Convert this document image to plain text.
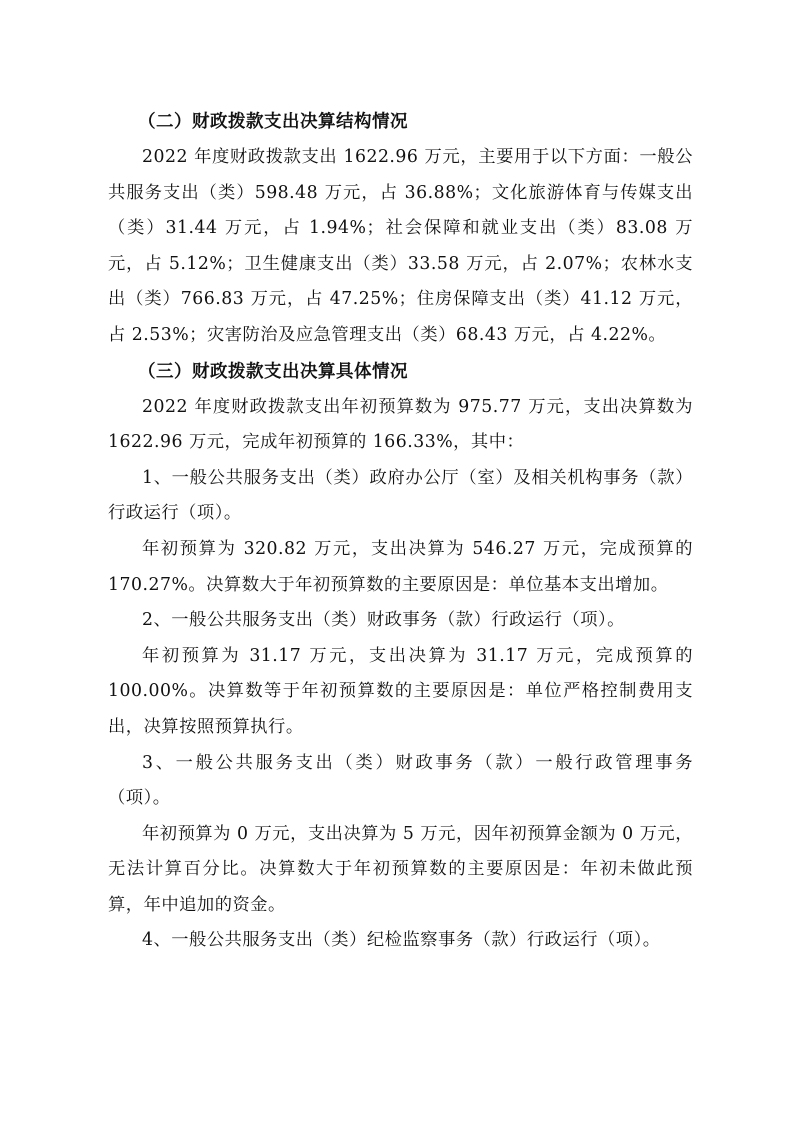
（二）财政拨款支出决算结构情况

2022 年度财政拨款支出 1622.96 万元，主要用于以下方面：一般公共服务支出（类）598.48 万元，占 36.88%；文化旅游体育与传媒支出（类）31.44 万元，占 1.94%；社会保障和就业支出（类）83.08 万元，占 5.12%；卫生健康支出（类）33.58 万元，占 2.07%；农林水支出（类）766.83 万元，占 47.25%；住房保障支出（类）41.12 万元，占 2.53%；灾害防治及应急管理支出（类）68.43 万元，占 4.22%。

（三）财政拨款支出决算具体情况

2022 年度财政拨款支出年初预算数为 975.77 万元，支出决算数为 1622.96 万元，完成年初预算的 166.33%，其中：

1、一般公共服务支出（类）政府办公厅（室）及相关机构事务（款）行政运行（项）。

年初预算为 320.82 万元，支出决算为 546.27 万元，完成预算的 170.27%。决算数大于年初预算数的主要原因是：单位基本支出增加。

2、一般公共服务支出（类）财政事务（款）行政运行（项）。

年初预算为 31.17 万元，支出决算为 31.17 万元，完成预算的 100.00%。决算数等于年初预算数的主要原因是：单位严格控制费用支出，决算按照预算执行。

3、一般公共服务支出（类）财政事务（款）一般行政管理事务（项）。

年初预算为 0 万元，支出决算为 5 万元，因年初预算金额为 0 万元，无法计算百分比。决算数大于年初预算数的主要原因是：年初未做此预算，年中追加的资金。

4、一般公共服务支出（类）纪检监察事务（款）行政运行（项）。
